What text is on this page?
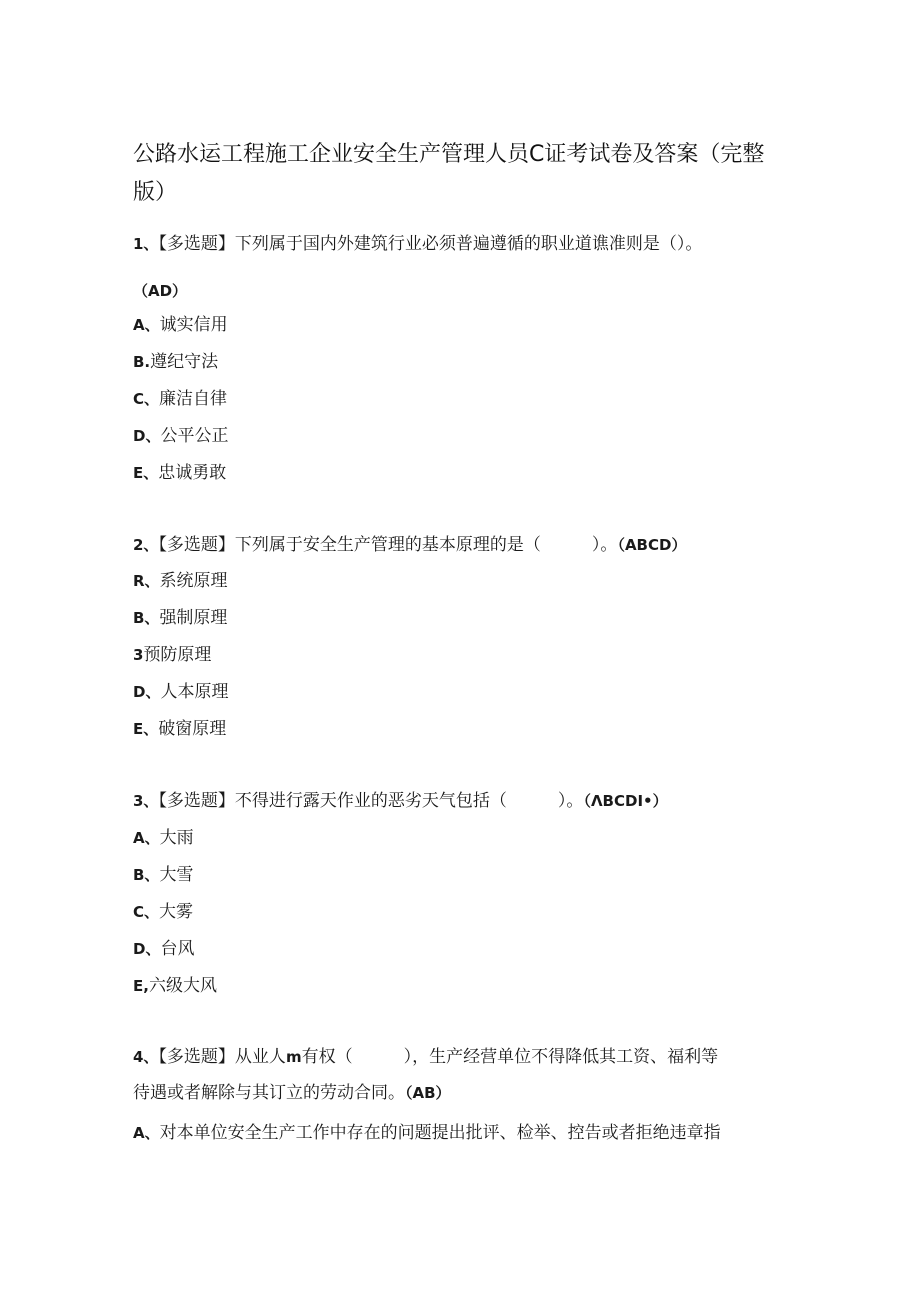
公路水运工程施工企业安全生产管理人员C证考试卷及答案（完整版）
1、【多选题】下列属于国内外建筑行业必须普遍遵循的职业道谯准则是（）。
（AD）
A、诚实信用
B.遵纪守法
C、廉洁自律
D、公平公正
E、忠诚勇敢
2、【多选题】下列属于安全生产管理的基本原理的是（　　　）。（ABCD）
R、系统原理
B、强制原理
3预防原理
D、人本原理
E、破窗原理
3、【多选题】不得进行露天作业的恶劣天气包括（　　　）。（ΛBCDI•）
A、大雨
B、大雪
C、大雾
D、台风
E,六级大风
4、【多选题】从业人m有权（　　　），生产经营单位不得降低其工资、福利等
待遇或者解除与其订立的劳动合同。（AB）
A、对本单位安全生产工作中存在的问题提出批评、检举、控告或者拒绝违章指
